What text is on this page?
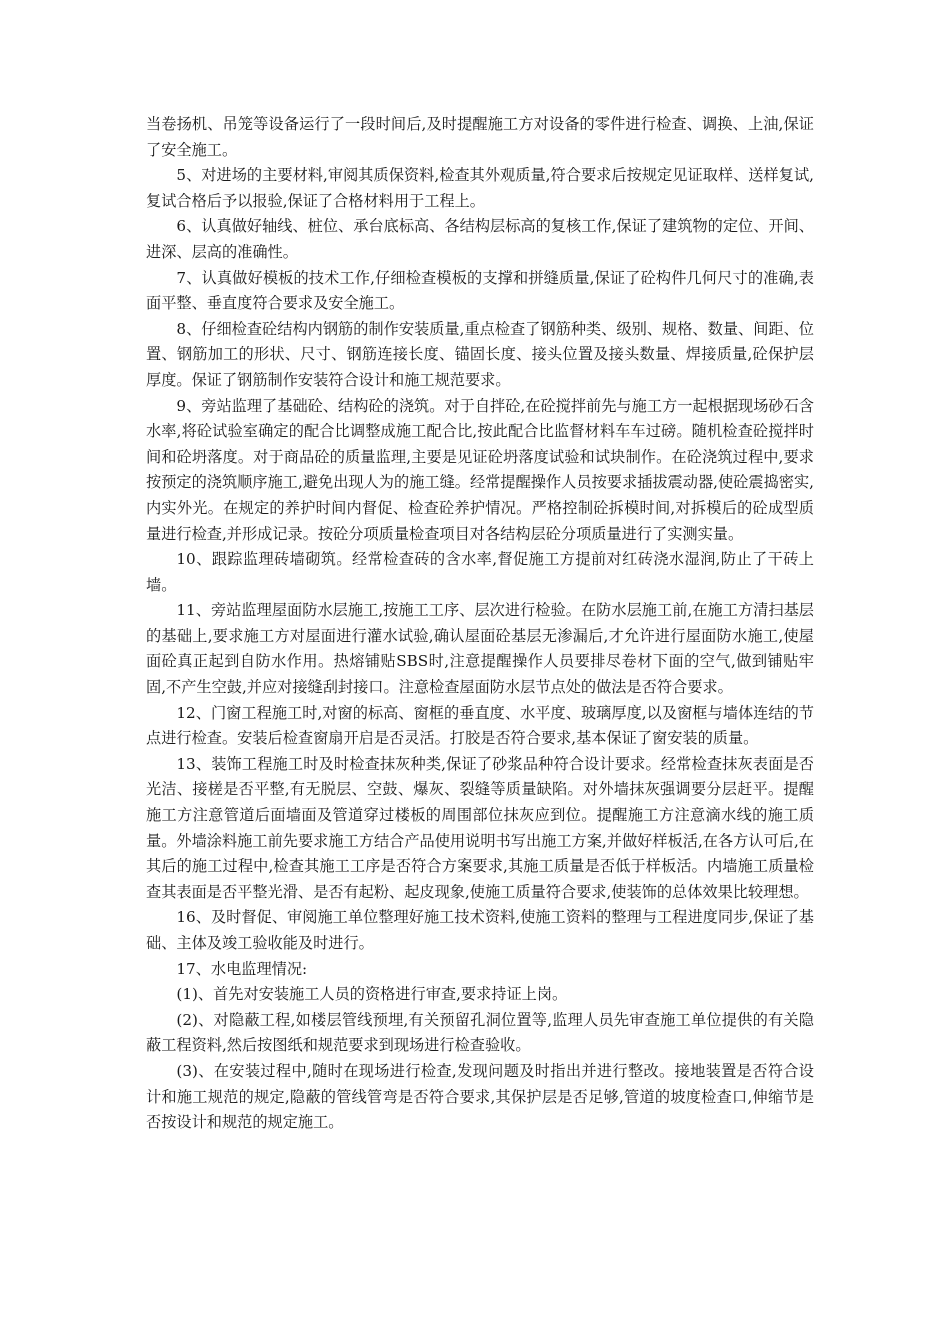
当卷扬机、吊笼等设备运行了一段时间后,及时提醒施工方对设备的零件进行检查、调换、上油,保证了安全施工。

5、对进场的主要材料,审阅其质保资料,检查其外观质量,符合要求后按规定见证取样、送样复试,复试合格后予以报验,保证了合格材料用于工程上。

6、认真做好轴线、桩位、承台底标高、各结构层标高的复核工作,保证了建筑物的定位、开间、进深、层高的准确性。

7、认真做好模板的技术工作,仔细检查模板的支撑和拼缝质量,保证了砼构件几何尺寸的准确,表面平整、垂直度符合要求及安全施工。

8、仔细检查砼结构内钢筋的制作安装质量,重点检查了钢筋种类、级别、规格、数量、间距、位置、钢筋加工的形状、尺寸、钢筋连接长度、锚固长度、接头位置及接头数量、焊接质量,砼保护层厚度。保证了钢筋制作安装符合设计和施工规范要求。

9、旁站监理了基础砼、结构砼的浇筑。对于自拌砼,在砼搅拌前先与施工方一起根据现场砂石含水率,将砼试验室确定的配合比调整成施工配合比,按此配合比监督材料车车过磅。随机检查砼搅拌时间和砼坍落度。对于商品砼的质量监理,主要是见证砼坍落度试验和试块制作。在砼浇筑过程中,要求按预定的浇筑顺序施工,避免出现人为的施工缝。经常提醒操作人员按要求插拔震动器,使砼震捣密实,内实外光。在规定的养护时间内督促、检查砼养护情况。严格控制砼拆模时间,对拆模后的砼成型质量进行检查,并形成记录。按砼分项质量检查项目对各结构层砼分项质量进行了实测实量。

10、跟踪监理砖墙砌筑。经常检查砖的含水率,督促施工方提前对红砖浇水湿润,防止了干砖上墙。

11、旁站监理屋面防水层施工,按施工工序、层次进行检验。在防水层施工前,在施工方清扫基层的基础上,要求施工方对屋面进行灌水试验,确认屋面砼基层无渗漏后,才允许进行屋面防水施工,使屋面砼真正起到自防水作用。热熔铺贴SBS时,注意提醒操作人员要排尽卷材下面的空气,做到铺贴牢固,不产生空鼓,并应对接缝刮封接口。注意检查屋面防水层节点处的做法是否符合要求。

12、门窗工程施工时,对窗的标高、窗框的垂直度、水平度、玻璃厚度,以及窗框与墙体连结的节点进行检查。安装后检查窗扇开启是否灵活。打胶是否符合要求,基本保证了窗安装的质量。

13、装饰工程施工时及时检查抹灰种类,保证了砂浆品种符合设计要求。经常检查抹灰表面是否光洁、接槎是否平整,有无脱层、空鼓、爆灰、裂缝等质量缺陷。对外墙抹灰强调要分层赶平。提醒施工方注意管道后面墙面及管道穿过楼板的周围部位抹灰应到位。提醒施工方注意滴水线的施工质量。外墙涂料施工前先要求施工方结合产品使用说明书写出施工方案,并做好样板活,在各方认可后,在其后的施工过程中,检查其施工工序是否符合方案要求,其施工质量是否低于样板活。内墙施工质量检查其表面是否平整光滑、是否有起粉、起皮现象,使施工质量符合要求,使装饰的总体效果比较理想。

16、及时督促、审阅施工单位整理好施工技术资料,使施工资料的整理与工程进度同步,保证了基础、主体及竣工验收能及时进行。

17、水电监理情况:

(1)、首先对安装施工人员的资格进行审查,要求持证上岗。

(2)、对隐蔽工程,如楼层管线预埋,有关预留孔洞位置等,监理人员先审查施工单位提供的有关隐蔽工程资料,然后按图纸和规范要求到现场进行检查验收。

(3)、在安装过程中,随时在现场进行检查,发现问题及时指出并进行整改。接地装置是否符合设计和施工规范的规定,隐蔽的管线管弯是否符合要求,其保护层是否足够,管道的坡度检查口,伸缩节是否按设计和规范的规定施工。
